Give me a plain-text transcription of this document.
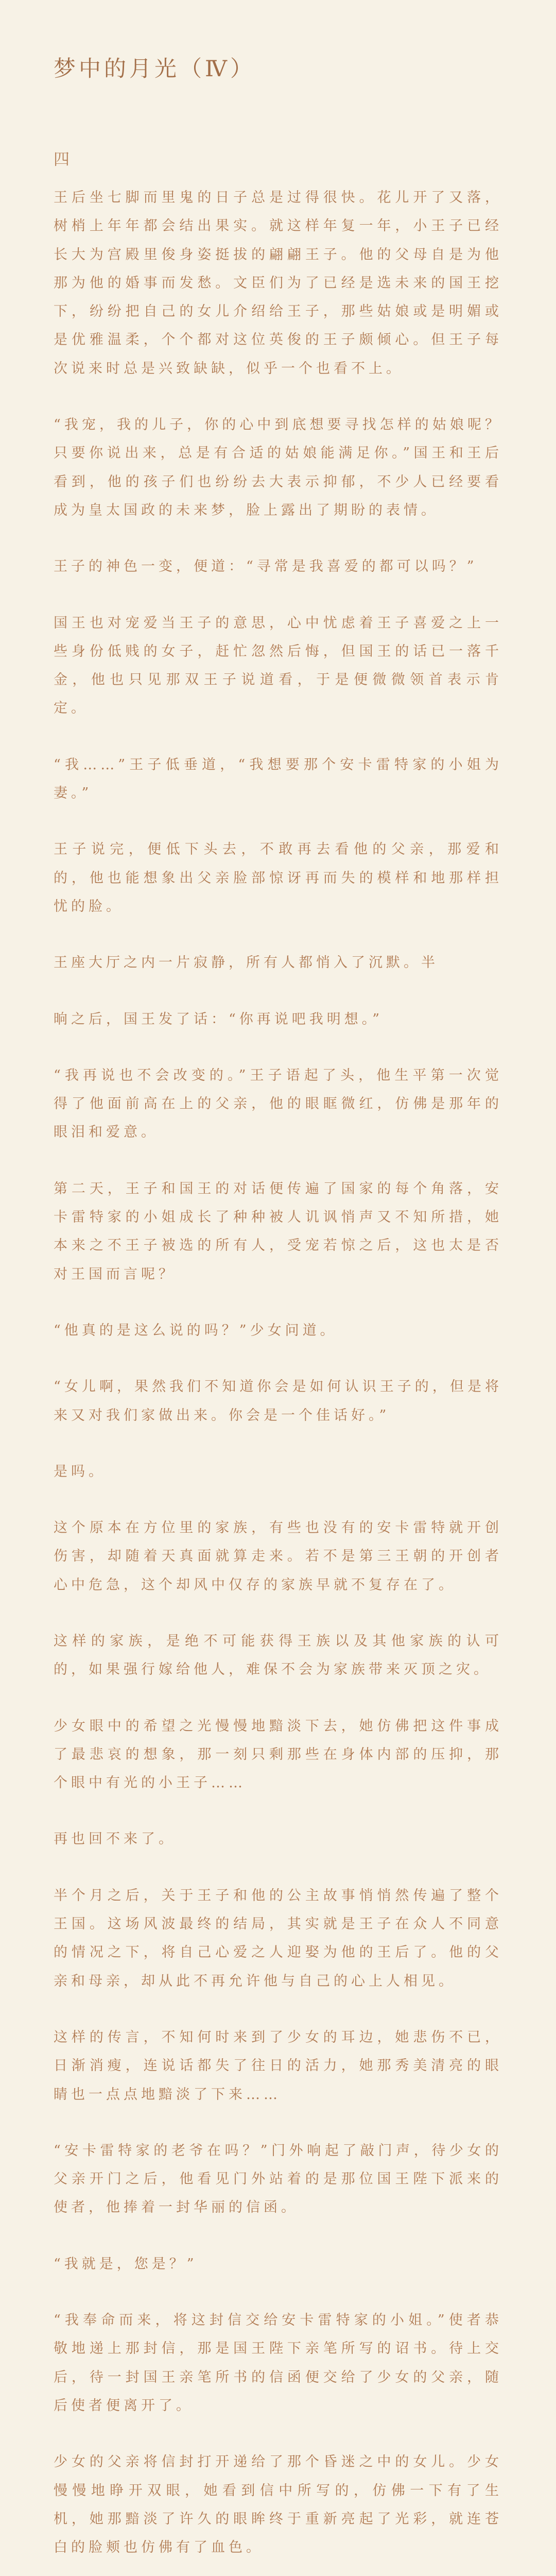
梦中的月光（Ⅳ）
四

王后坐七脚而里鬼的日子总是过得很快。花儿开了又落，树梢上年年都会结出果实。就这样年复一年，小王子已经长大为宫殿里俊身姿挺拔的翩翩王子。他的父母自是为他那为他的婚事而发愁。文臣们为了已经是选未来的国王挖下，纷纷把自己的女儿介绍给王子，那些姑娘或是明媚或是优雅温柔，个个都对这位英俊的王子颇倾心。但王子每次说来时总是兴致缺缺，似乎一个也看不上。

“我宠，我的儿子，你的心中到底想要寻找怎样的姑娘呢？只要你说出来，总是有合适的姑娘能满足你。”国王和王后看到，他的孩子们也纷纷去大表示抑郁，不少人已经要看成为皇太国政的未来梦，脸上露出了期盼的表情。

王子的神色一变，便道：“寻常是我喜爱的都可以吗？”

国王也对宠爱当王子的意思，心中忧虑着王子喜爱之上一些身份低贱的女子，赶忙忽然后悔，但国王的话已一落千金，他也只见那双王子说道看，于是便微微领首表示肯定。

“我……”王子低垂道，“我想要那个安卡雷特家的小姐为妻。”

王子说完，便低下头去，不敢再去看他的父亲，那爱和的，他也能想象出父亲脸部惊讶再而失的模样和地那样担忧的脸。

王座大厅之内一片寂静，所有人都悄入了沉默。半

晌之后，国王发了话：“你再说吧我明想。”

“我再说也不会改变的。”王子语起了头，他生平第一次觉得了他面前高在上的父亲，他的眼眶微红，仿佛是那年的眼泪和爱意。

第二天，王子和国王的对话便传遍了国家的每个角落，安卡雷特家的小姐成长了种种被人讥讽悄声又不知所措，她本来之不王子被选的所有人，受宠若惊之后，这也太是否对王国而言呢？

“他真的是这么说的吗？”少女问道。

“女儿啊，果然我们不知道你会是如何认识王子的，但是将来又对我们家做出来。你会是一个佳话好。”

是吗。

这个原本在方位里的家族，有些也没有的安卡雷特就开创伤害，却随着天真面就算走来。若不是第三王朝的开创者心中危急，这个却风中仅存的家族早就不复存在了。

这样的家族，是绝不可能获得王族以及其他家族的认可的，如果强行嫁给他人，难保不会为家族带来灭顶之灾。

少女眼中的希望之光慢慢地黯淡下去，她仿佛把这件事成了最悲哀的想象，那一刻只剩那些在身体内部的压抑，那个眼中有光的小王子……

再也回不来了。

半个月之后，关于王子和他的公主故事悄悄然传遍了整个王国。这场风波最终的结局，其实就是王子在众人不同意的情况之下，将自己心爱之人迎娶为他的王后了。他的父亲和母亲，却从此不再允许他与自己的心上人相见。

这样的传言，不知何时来到了少女的耳边，她悲伤不已，日渐消瘦，连说话都失了往日的活力，她那秀美清亮的眼睛也一点点地黯淡了下来……

“安卡雷特家的老爷在吗？”门外响起了敲门声，待少女的父亲开门之后，他看见门外站着的是那位国王陛下派来的使者，他捧着一封华丽的信函。

“我就是，您是？”

“我奉命而来，将这封信交给安卡雷特家的小姐。”使者恭敬地递上那封信，那是国王陛下亲笔所写的诏书。待上交后，待一封国王亲笔所书的信函便交给了少女的父亲，随后使者便离开了。

少女的父亲将信封打开递给了那个昏迷之中的女儿。少女慢慢地睁开双眼，她看到信中所写的，仿佛一下有了生机，她那黯淡了许久的眼眸终于重新亮起了光彩，就连苍白的脸颊也仿佛有了血色。
